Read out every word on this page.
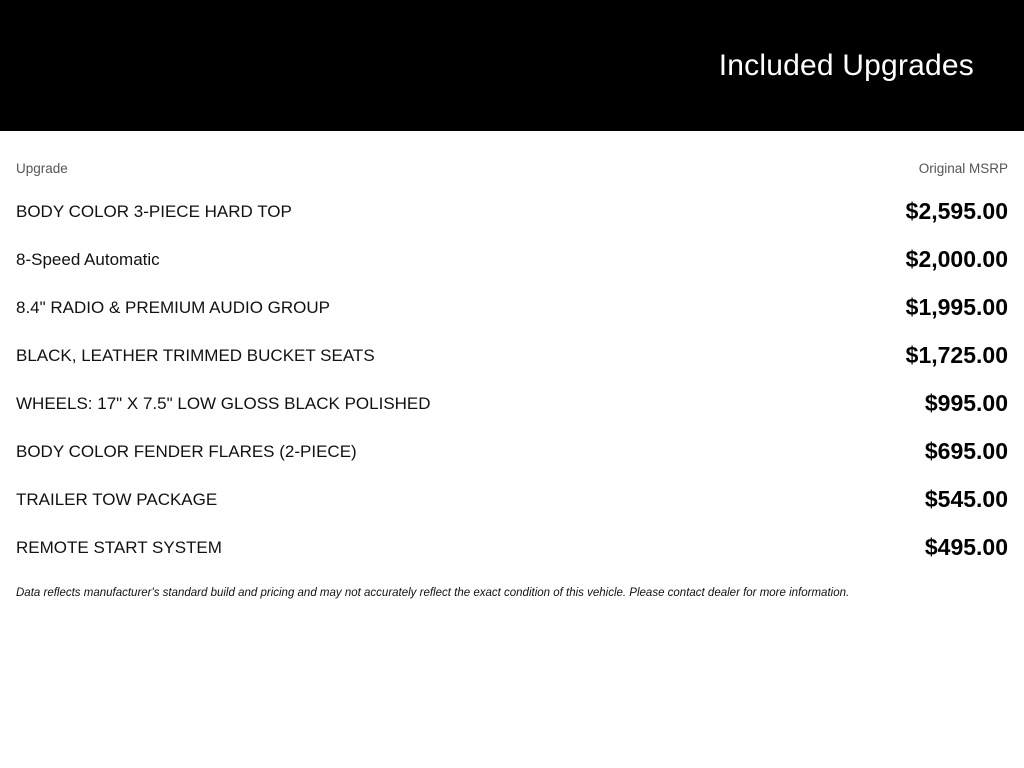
Included Upgrades
Upgrade	Original MSRP
BODY COLOR 3-PIECE HARD TOP	$2,595.00
8-Speed Automatic	$2,000.00
8.4" RADIO & PREMIUM AUDIO GROUP	$1,995.00
BLACK, LEATHER TRIMMED BUCKET SEATS	$1,725.00
WHEELS: 17" X 7.5" LOW GLOSS BLACK POLISHED	$995.00
BODY COLOR FENDER FLARES (2-PIECE)	$695.00
TRAILER TOW PACKAGE	$545.00
REMOTE START SYSTEM	$495.00
Data reflects manufacturer's standard build and pricing and may not accurately reflect the exact condition of this vehicle. Please contact dealer for more information.
